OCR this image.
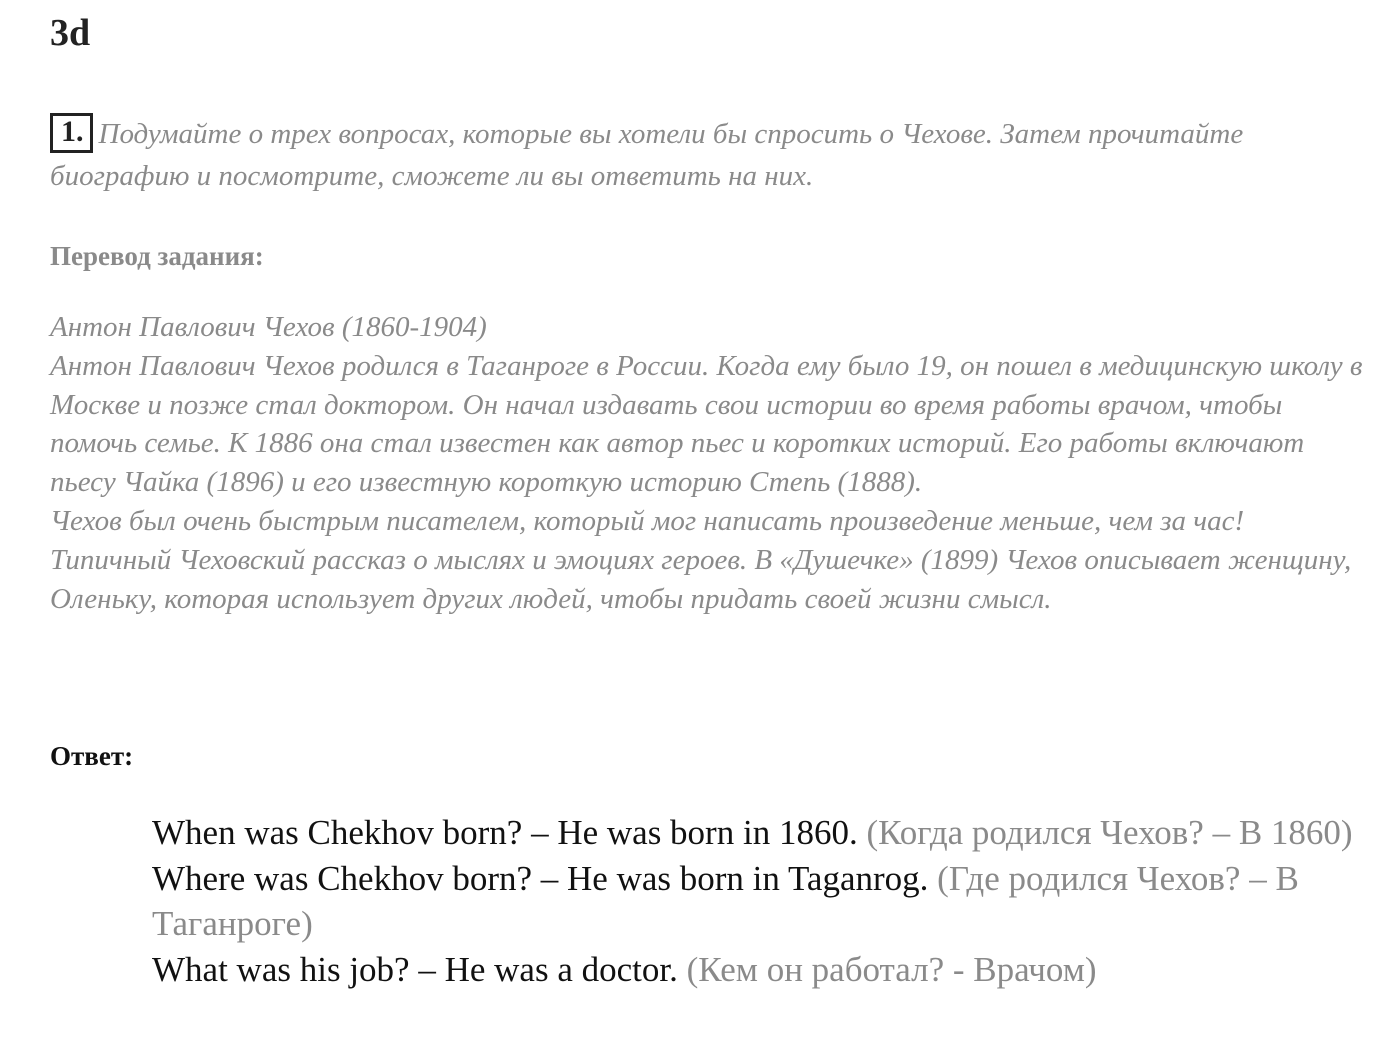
3d

1. Подумайте о трех вопросах, которые вы хотели бы спросить о Чехове. Затем прочитайте биографию и посмотрите, сможете ли вы ответить на них.

Перевод задания:
Антон Павлович Чехов (1860-1904)
Антон Павлович Чехов родился в Таганроге в России. Когда ему было 19, он пошел в медицинскую школу в Москве и позже стал доктором. Он начал издавать свои истории во время работы врачом, чтобы помочь семье. К 1886 она стал известен как автор пьес и коротких историй. Его работы включают пьесу Чайка (1896) и его известную короткую историю Степь (1888).
Чехов был очень быстрым писателем, который мог написать произведение меньше, чем за час! Типичный Чеховский рассказ о мыслях и эмоциях героев. В «Душечке» (1899) Чехов описывает женщину, Оленьку, которая использует других людей, чтобы придать своей жизни смысл.
Ответ:
When was Chekhov born? – He was born in 1860. (Когда родился Чехов? – В 1860)
Where was Chekhov born? – He was born in Taganrog. (Где родился Чехов? – В Таганроге)
What was his job? – He was a doctor. (Кем он работал? - Врачом)
